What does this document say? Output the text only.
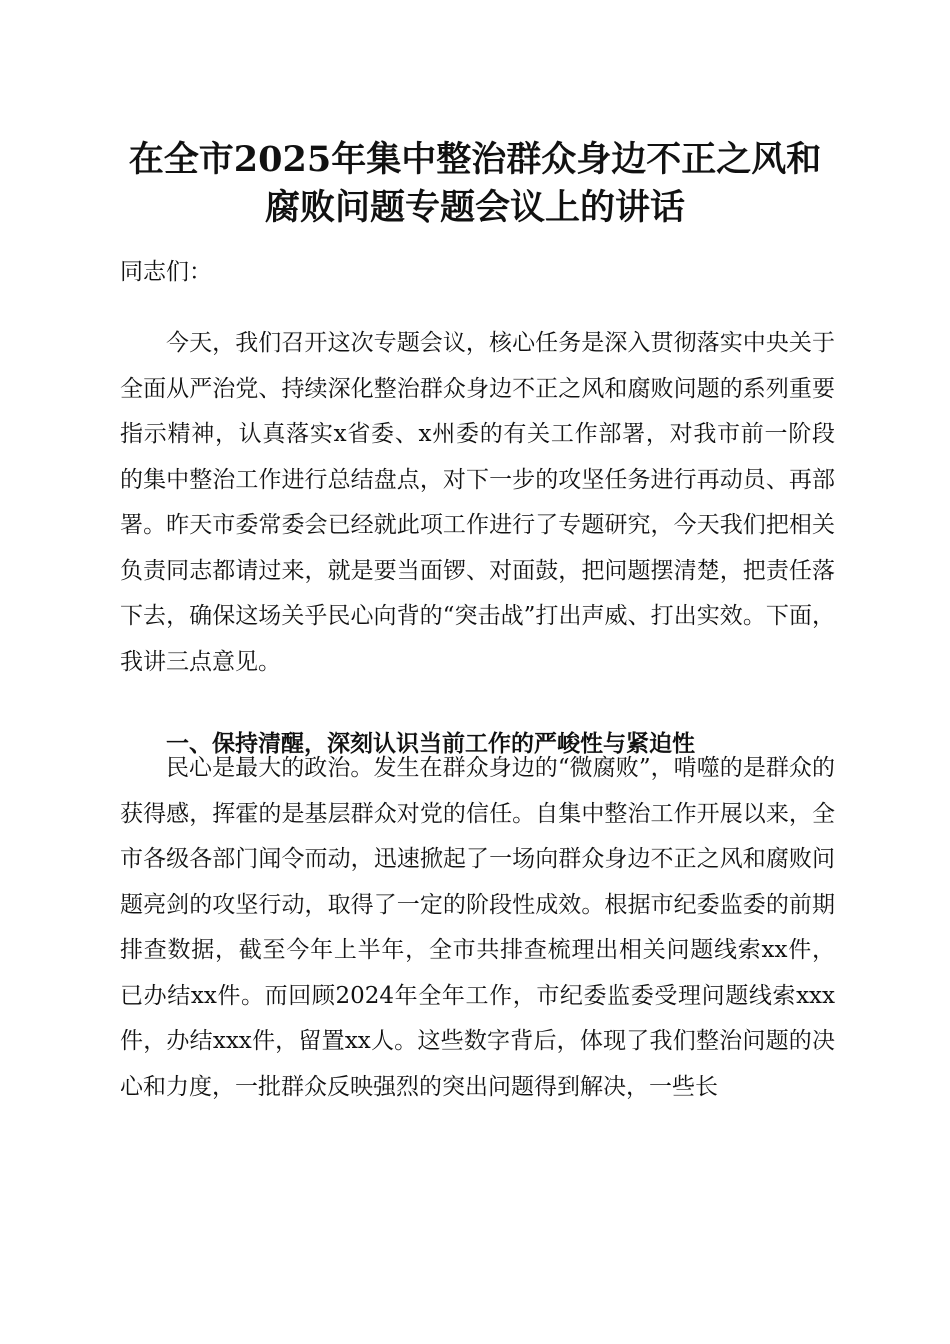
在全市2025年集中整治群众身边不正之风和
腐败问题专题会议上的讲话
同志们：
今天，我们召开这次专题会议，核心任务是深入贯彻落实中央关于全面从严治党、持续深化整治群众身边不正之风和腐败问题的系列重要指示精神，认真落实x省委、x州委的有关工作部署，对我市前一阶段的集中整治工作进行总结盘点，对下一步的攻坚任务进行再动员、再部署。昨天市委常委会已经就此项工作进行了专题研究，今天我们把相关负责同志都请过来，就是要当面锣、对面鼓，把问题摆清楚，把责任落下去，确保这场关乎民心向背的“突击战”打出声威、打出实效。下面，我讲三点意见。
一、保持清醒，深刻认识当前工作的严峻性与紧迫性
民心是最大的政治。发生在群众身边的“微腐败”，啃噬的是群众的获得感，挥霍的是基层群众对党的信任。自集中整治工作开展以来，全市各级各部门闻令而动，迅速掀起了一场向群众身边不正之风和腐败问题亮剑的攻坚行动，取得了一定的阶段性成效。根据市纪委监委的前期排查数据，截至今年上半年，全市共排查梳理出相关问题线索xx件，已办结xx件。而回顾2024年全年工作，市纪委监委受理问题线索xxx件，办结xxx件，留置xx人。这些数字背后，体现了我们整治问题的决心和力度，一批群众反映强烈的突出问题得到解决，一些长
